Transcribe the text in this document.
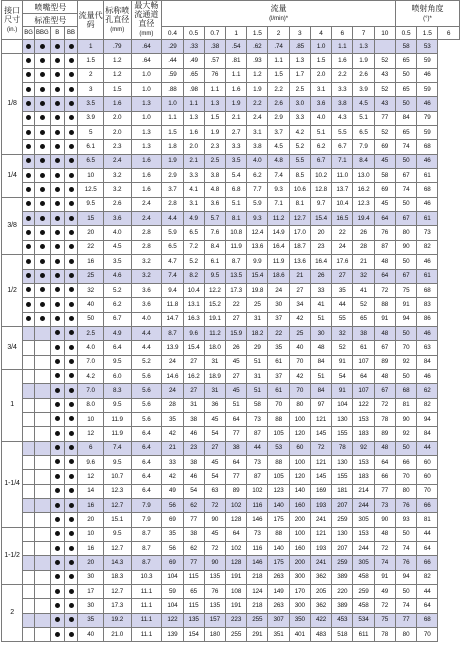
接口尺寸
(in.)	喷嘴型号				流量代码	标称喷孔直径
(mm)	最大畅流通道直径
(mm)	流量
(l/min)*											喷射角度
(°)*		
	标准型号																				
	BG	BBG	B	BB				0.4	0.5	0.7	1	1.5	2	3	4	6	7	10	0.5	1.5	6
					1	.79	.64	.29	.33	.38	.54	.62	.74	.85	1.0	1.1	1.3		58	53	
1/8					1.5	1.2	.64	.44	.49	.57	.81	.93	1.1	1.3	1.5	1.6	1.9	52	65	59	
					2	1.2	1.0	.59	.65	76	1.1	1.2	1.5	1.7	2.0	2.2	2.6	43	50	46	
					3	1.5	1.0	.88	.98	1.1	1.6	1.9	2.2	2.5	3.1	3.3	3.9	52	65	59	
					3.5	1.6	1.3	1.0	1.1	1.3	1.9	2.2	2.6	3.0	3.6	3.8	4.5	43	50	46	
					3.9	2.0	1.0	1.1	1.3	1.5	2.1	2.4	2.9	3.3	4.0	4.3	5.1	77	84	79	
					5	2.0	1.3	1.5	1.6	1.9	2.7	3.1	3.7	4.2	5.1	5.5	6.5	52	65	59	
					6.1	2.3	1.3	1.8	2.0	2.3	3.3	3.8	4.5	5.2	6.2	6.7	7.9	69	74	68	
1/4					6.5	2.4	1.6	1.9	2.1	2.5	3.5	4.0	4.8	5.5	6.7	7.1	8.4	45	50	46	
					10	3.2	1.6	2.9	3.3	3.8	5.4	6.2	7.4	8.5	10.2	11.0	13.0	58	67	61	
					12.5	3.2	1.6	3.7	4.1	4.8	6.8	7.7	9.3	10.6	12.8	13.7	16.2	69	74	68	
3/8					9.5	2.6	2.4	2.8	3.1	3.6	5.1	5.9	7.1	8.1	9.7	10.4	12.3	45	50	46	
					15	3.6	2.4	4.4	4.9	5.7	8.1	9.3	11.2	12.7	15.4	16.5	19.4	64	67	61	
					20	4.0	2.8	5.9	6.5	7.6	10.8	12.4	14.9	17.0	20	22	26	76	80	73	
					22	4.5	2.8	6.5	7.2	8.4	11.9	13.6	16.4	18.7	23	24	28	87	90	82	
1/2					16	3.5	3.2	4.7	5.2	6.1	8.7	9.9	11.9	13.6	16.4	17.6	21	48	50	46	
					25	4.6	3.2	7.4	8.2	9.5	13.5	15.4	18.6	21	26	27	32	64	67	61	
					32	5.2	3.6	9.4	10.4	12.2	17.3	19.8	24	27	33	35	41	72	75	68	
					40	6.2	3.6	11.8	13.1	15.2	22	25	30	34	41	44	52	88	91	83	
					50	6.7	4.0	14.7	16.3	19.1	27	31	37	42	51	55	65	91	94	86	
3/4					2.5	4.9	4.4	8.7	9.6	11.2	15.9	18.2	22	25	30	32	38	48	50	46	
					4.0	6.4	4.4	13.9	15.4	18.0	26	29	35	40	48	52	61	67	70	63	
					7.0	9.5	5.2	24	27	31	45	51	61	70	84	91	107	89	92	84	
1					4.2	6.0	5.6	14.6	16.2	18.9	27	31	37	42	51	54	64	48	50	46	
					7.0	8.3	5.6	24	27	31	45	51	61	70	84	91	107	67	68	62	
					8.0	9.5	5.6	28	31	36	51	58	70	80	97	104	122	72	81	82	
					10	11.9	5.6	35	38	45	64	73	88	100	121	130	153	78	90	94	
					12	11.9	6.4	42	46	54	77	87	105	120	145	155	183	89	92	84	
1-1/4					6	7.4	6.4	21	23	27	38	44	53	60	72	78	92	48	50	44	
					9.6	9.5	6.4	33	38	45	64	73	88	100	121	130	153	64	66	60	
					12	10.7	6.4	42	46	54	77	87	105	120	145	155	183	66	70	60	
					14	12.3	6.4	49	54	63	89	102	123	140	169	181	214	77	80	70	
					16	12.7	7.9	56	62	72	102	116	140	160	193	207	244	73	76	66	
					20	15.1	7.9	69	77	90	128	146	175	200	241	259	305	90	93	81	
1-1/2					10	9.5	8.7	35	38	45	64	73	88	100	121	130	153	48	50	44	
					16	12.7	8.7	56	62	72	102	116	140	160	193	207	244	72	74	64	
					20	14.3	8.7	69	77	90	128	146	175	200	241	259	305	74	76	66	
					30	18.3	10.3	104	115	135	191	218	263	300	362	389	458	91	94	82	
2					17	12.7	11.1	59	65	76	108	124	149	170	205	220	259	49	50	44	
					30	17.3	11.1	104	115	135	191	218	263	300	362	389	458	72	74	64	
					35	19.2	11.1	122	135	157	223	255	307	350	422	453	534	75	77	68	
					40	21.0	11.1	139	154	180	255	291	351	401	483	518	611	78	80	70	
